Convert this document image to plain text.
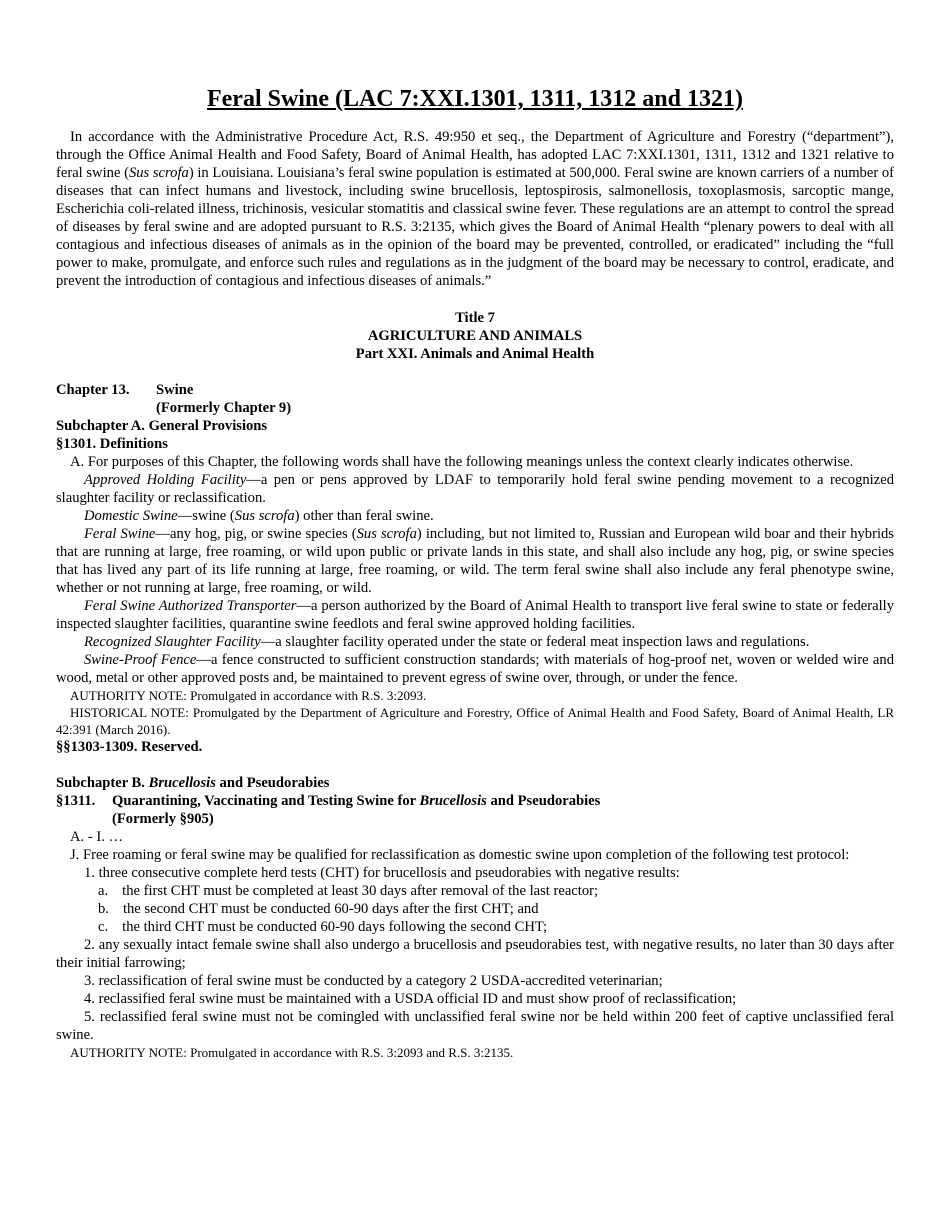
Feral Swine (LAC 7:XXI.1301, 1311, 1312 and 1321)

In accordance with the Administrative Procedure Act, R.S. 49:950 et seq., the Department of Agriculture and Forestry (“department”), through the Office Animal Health and Food Safety, Board of Animal Health, has adopted LAC 7:XXI.1301, 1311, 1312 and 1321 relative to feral swine (Sus scrofa) in Louisiana. Louisiana’s feral swine population is estimated at 500,000. Feral swine are known carriers of a number of diseases that can infect humans and livestock, including swine brucellosis, leptospirosis, salmonellosis, toxoplasmosis, sarcoptic mange, Escherichia coli-related illness, trichinosis, vesicular stomatitis and classical swine fever. These regulations are an attempt to control the spread of diseases by feral swine and are adopted pursuant to R.S. 3:2135, which gives the Board of Animal Health “plenary powers to deal with all contagious and infectious diseases of animals as in the opinion of the board may be prevented, controlled, or eradicated” including the “full power to make, promulgate, and enforce such rules and regulations as in the judgment of the board may be necessary to control, eradicate, and prevent the introduction of contagious and infectious diseases of animals.”

Title 7
AGRICULTURE AND ANIMALS
Part XXI. Animals and Animal Health
Chapter 13.	Swine
(Formerly Chapter 9)
Subchapter A. General Provisions
§1301. Definitions

A. For purposes of this Chapter, the following words shall have the following meanings unless the context clearly indicates otherwise.

Approved Holding Facility—a pen or pens approved by LDAF to temporarily hold feral swine pending movement to a recognized slaughter facility or reclassification.

Domestic Swine—swine (Sus scrofa) other than feral swine.

Feral Swine—any hog, pig, or swine species (Sus scrofa) including, but not limited to, Russian and European wild boar and their hybrids that are running at large, free roaming, or wild upon public or private lands in this state, and shall also include any hog, pig, or swine species that has lived any part of its life running at large, free roaming, or wild. The term feral swine shall also include any feral phenotype swine, whether or not running at large, free roaming, or wild.

Feral Swine Authorized Transporter—a person authorized by the Board of Animal Health to transport live feral swine to state or federally inspected slaughter facilities, quarantine swine feedlots and feral swine approved holding facilities.

Recognized Slaughter Facility—a slaughter facility operated under the state or federal meat inspection laws and regulations.

Swine-Proof Fence—a fence constructed to sufficient construction standards; with materials of hog-proof net, woven or welded wire and wood, metal or other approved posts and, be maintained to prevent egress of swine over, through, or under the fence.

AUTHORITY NOTE: Promulgated in accordance with R.S. 3:2093.

HISTORICAL NOTE: Promulgated by the Department of Agriculture and Forestry, Office of Animal Health and Food Safety, Board of Animal Health, LR 42:391 (March 2016).

§§1303-1309. Reserved.
Subchapter B. Brucellosis and Pseudorabies
§1311.	Quarantining, Vaccinating and Testing Swine for Brucellosis and Pseudorabies
(Formerly §905)

A. - I. …

J. Free roaming or feral swine may be qualified for reclassification as domestic swine upon completion of the following test protocol:

1. three consecutive complete herd tests (CHT) for brucellosis and pseudorabies with negative results:

a. the first CHT must be completed at least 30 days after removal of the last reactor;

b. the second CHT must be conducted 60-90 days after the first CHT; and

c. the third CHT must be conducted 60-90 days following the second CHT;

2. any sexually intact female swine shall also undergo a brucellosis and pseudorabies test, with negative results, no later than 30 days after their initial farrowing;

3. reclassification of feral swine must be conducted by a category 2 USDA-accredited veterinarian;

4. reclassified feral swine must be maintained with a USDA official ID and must show proof of reclassification;

5. reclassified feral swine must not be comingled with unclassified feral swine nor be held within 200 feet of captive unclassified feral swine.

AUTHORITY NOTE: Promulgated in accordance with R.S. 3:2093 and R.S. 3:2135.
